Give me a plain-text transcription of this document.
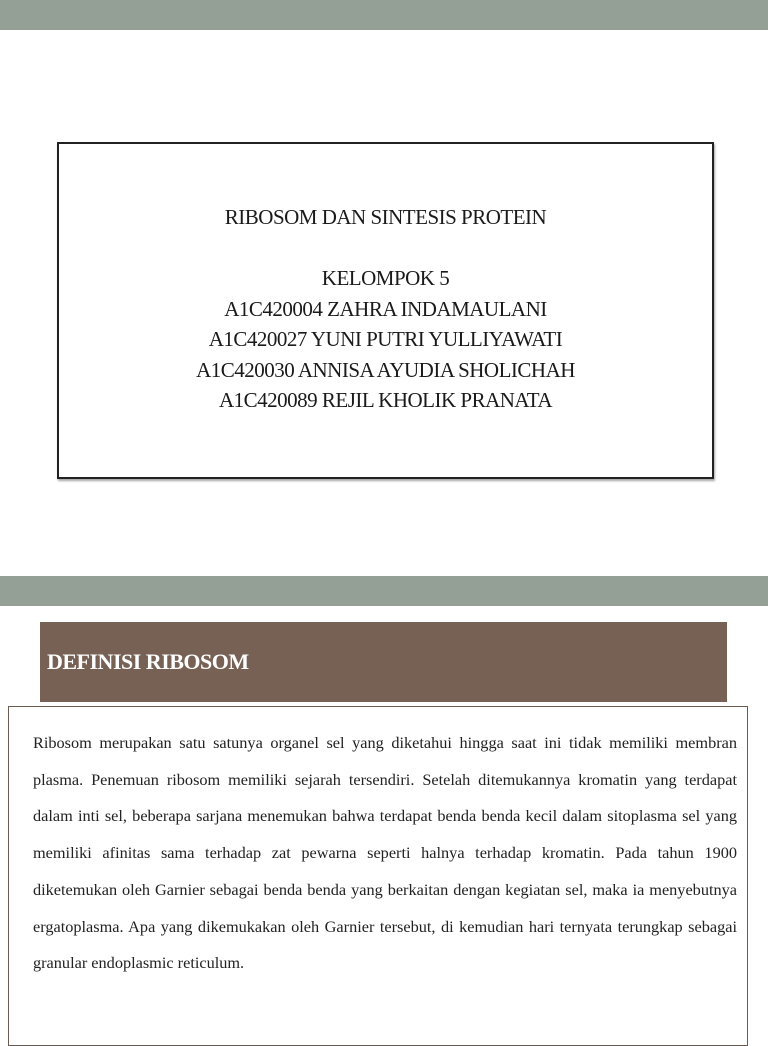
RIBOSOM DAN SINTESIS PROTEIN
KELOMPOK 5
A1C420004 ZAHRA INDAMAULANI
A1C420027 YUNI PUTRI YULLIYAWATI
A1C420030 ANNISA AYUDIA SHOLICHAH
A1C420089 REJIL KHOLIK PRANATA
DEFINISI RIBOSOM
Ribosom merupakan satu satunya organel sel yang diketahui hingga saat ini tidak memiliki membran plasma. Penemuan ribosom memiliki sejarah tersendiri. Setelah ditemukannya kromatin yang terdapat dalam inti sel, beberapa sarjana menemukan bahwa terdapat benda benda kecil dalam sitoplasma sel yang memiliki afinitas sama terhadap zat pewarna seperti halnya terhadap kromatin. Pada tahun 1900 diketemukan oleh Garnier sebagai benda benda yang berkaitan dengan kegiatan sel, maka ia menyebutnya ergatoplasma. Apa yang dikemukakan oleh Garnier tersebut, di kemudian hari ternyata terungkap sebagai granular endoplasmic reticulum.
